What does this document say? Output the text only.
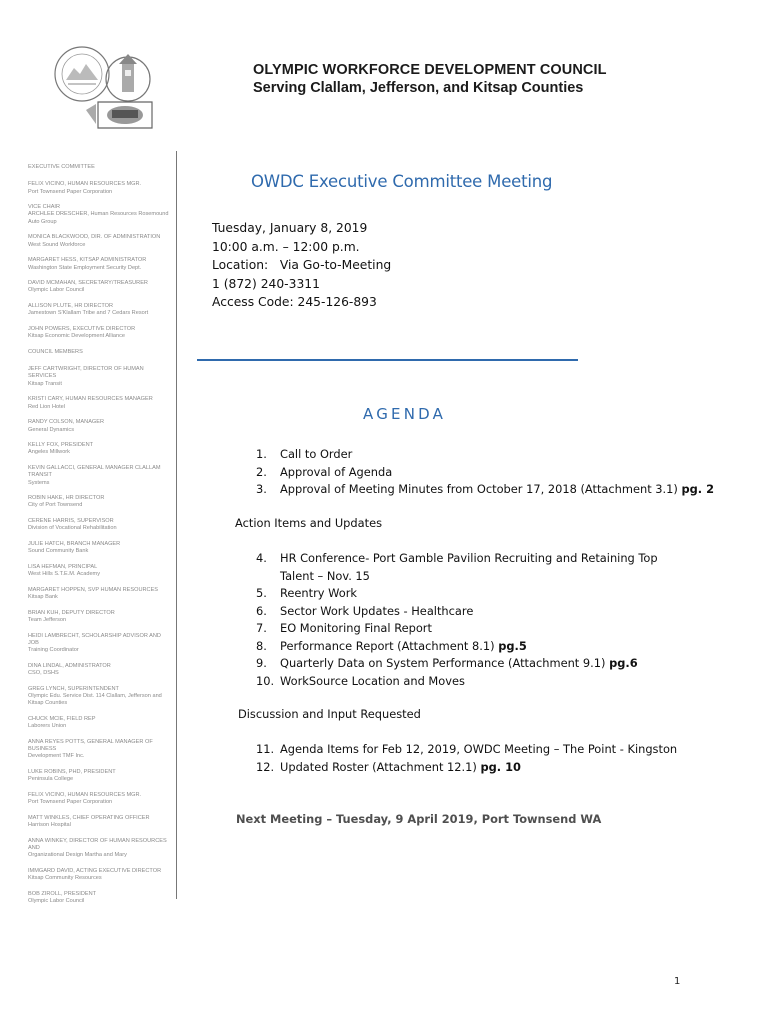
OLYMPIC WORKFORCE DEVELOPMENT COUNCIL
Serving Clallam, Jefferson, and Kitsap Counties
EXECUTIVE COMMITTEE
FELIX VICINO, HUMAN RESOURCES MGR.
Port Townsend Paper Corporation
VICE CHAIR
ARCHLEE DRESCHER, Human Resources Rosemound Auto Group
MONICA BLACKWOOD, DIR. OF ADMINISTRATION
West Sound Workforce
MARGARET HESS, KITSAP ADMINISTRATOR
Washington State Employment Security Dept.
DAVID MCMAHAN, SECRETARY/TREASURER
Olympic Labor Council
ALLISON PLUTE, HR DIRECTOR
Jamestown S'Klallam Tribe and 7 Cedars Resort
JOHN POWERS, EXECUTIVE DIRECTOR
Kitsap Economic Development Alliance
COUNCIL MEMBERS
JEFF CARTWRIGHT, DIRECTOR OF HUMAN SERVICES
Kitsap Transit
KRISTI CARY, HUMAN RESOURCES MANAGER
Red Lion Hotel
RANDY COLSON, MANAGER
General Dynamics
KELLY FOX, PRESIDENT
Angeles Millwork
KEVIN GALLACCI, GENERAL MANAGER CLALLAM TRANSIT
Systems
ROBIN HAKE, HR DIRECTOR
City of Port Townsend
CERENE HARRIS, SUPERVISOR
Division of Vocational Rehabilitation
JULIE HATCH, BRANCH MANAGER
Sound Community Bank
LISA HEFMAN, PRINCIPAL
West Hills S.T.E.M. Academy
MARGARET HOPPEN, SVP HUMAN RESOURCES
Kitsap Bank
BRIAN KUH, DEPUTY DIRECTOR
Team Jefferson
HEIDI LAMBRECHT, SCHOLARSHIP ADVISOR AND JOB
Training Coordinator
DINA LINDAL, ADMINISTRATOR
CSO, DSHS
GREG LYNCH, SUPERINTENDENT
Olympic Edu. Service Dist. 114 Clallam, Jefferson and Kitsap Counties
CHUCK MCIE, FIELD REP
Laborers Union
ANNA REYES POTTS, GENERAL MANAGER OF BUSINESS
Development TMF Inc.
LUKE ROBINS, PHD, PRESIDENT
Peninsula College
FELIX VICINO, HUMAN RESOURCES MGR.
Port Townsend Paper Corporation
MATT WINKLES, CHIEF OPERATING OFFICER
Harrison Hospital
ANNA WINKEY, DIRECTOR OF HUMAN RESOURCES AND
Organizational Design Martha and Mary
IMMGARD DAVID, ACTING EXECUTIVE DIRECTOR
Kitsap Community Resources
BOB ZIROLL, PRESIDENT
Olympic Labor Council
OWDC Executive Committee Meeting
Tuesday, January 8, 2019
10:00 a.m. – 12:00 p.m.
Location:   Via Go-to-Meeting
1 (872) 240-3311
Access Code: 245-126-893
AGENDA
1.	Call to Order
2.	Approval of Agenda
3.	Approval of Meeting Minutes from October 17, 2018 (Attachment 3.1) pg. 2
Action Items and Updates
4.	HR Conference- Port Gamble Pavilion Recruiting and Retaining Top Talent – Nov. 15
5.	Reentry Work
6.	Sector Work Updates - Healthcare
7.	EO Monitoring Final Report
8.	Performance Report (Attachment 8.1) pg.5
9.	Quarterly Data on System Performance (Attachment 9.1) pg.6
10. WorkSource Location and Moves
Discussion and Input Requested
11. Agenda Items for Feb 12, 2019, OWDC Meeting – The Point - Kingston
12. Updated Roster (Attachment 12.1) pg. 10
Next Meeting – Tuesday, 9 April 2019, Port Townsend WA
1
